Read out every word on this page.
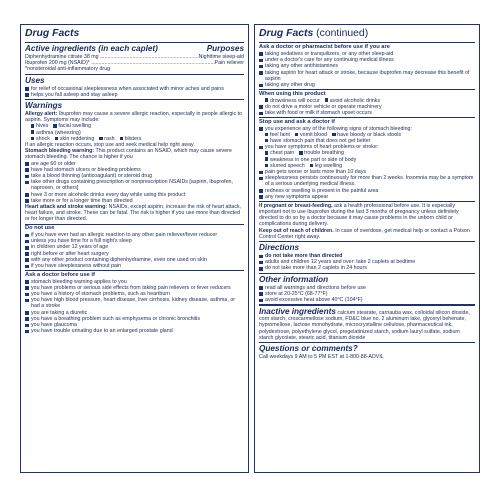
Drug Facts
Active ingredients (in each caplet)	Purposes
Diphenhydramine citrate 38 mg .....	Nighttime sleep-aid
Ibuprofen 200 mg (NSAID)* .....	Pain reliever
*nonsteroidal anti-inflammatory drug
Uses
for relief of occasional sleeplessness when associated with minor aches and pains
helps you fall asleep and stay asleep
Warnings
Allergy alert: Ibuprofen may cause a severe allergic reaction, especially in people allergic to aspirin. Symptoms may include:
hives facial swelling
asthma (wheezing)
shock skin reddening rash blisters
If an allergic reaction occurs, stop use and seek medical help right away.
Stomach bleeding warning: This product contains an NSAID, which may cause severe stomach bleeding. The chance is higher if you
are age 60 or older
have had stomach ulcers or bleeding problems
take a blood thinning (anticoagulant) or steroid drug
take other drugs containing prescription or nonprescription NSAIDs [aspirin, ibuprofen, naproxen, or others]
have 3 or more alcoholic drinks every day while using this product
take more or for a longer time than directed
Heart attack and stroke warning: NSAIDs, except aspirin, increase the risk of heart attack, heart failure, and stroke. These can be fatal. The risk is higher if you use more than directed or for longer than directed.
Do not use
if you have ever had an allergic reaction to any other pain reliever/fever reducer
unless you have time for a full night's sleep
in children under 12 years of age
right before or after heart surgery
with any other product containing diphenhydramine, even one used on skin
if you have sleeplessness without pain
Ask a doctor before use if
stomach bleeding warning applies to you
you have problems or serious side effects from taking pain relievers or fever reducers
you have a history of stomach problems, such as heartburn
you have high blood pressure, heart disease, liver cirrhosis, kidney disease, asthma, or had a stroke
you are taking a diuretic
you have a breathing problem such as emphysema or chronic bronchitis
you have glaucoma
you have trouble urinating due to an enlarged prostate gland
Drug Facts (continued)
Ask a doctor or pharmacist before use if you are
taking sedatives or tranquilizers, or any other sleep-aid
under a doctor's care for any continuing medical illness
taking any other antihistamines
taking aspirin for heart attack or stroke, because ibuprofen may decrease this benefit of aspirin
taking any other drug
When using this product
drowsiness will occur avoid alcoholic drinks
do not drive a motor vehicle or operate machinery
take with food or milk if stomach upset occurs
Stop use and ask a doctor if
you experience any of the following signs of stomach bleeding:
feel faint vomit blood have bloody or black stools
have stomach pain that does not get better
you have symptoms of heart problems or stroke:
chest pain trouble breathing
weakness in one part or side of body
slurred speech leg swelling
pain gets worse or lasts more than 10 days
sleeplessness persists continuously for more than 2 weeks. Insomnia may be a symptom of a serious underlying medical illness.
redness or swelling is present in the painful area
any new symptoms appear
If pregnant or breast-feeding, ask a health professional before use. It is especially important not to use ibuprofen during the last 3 months of pregnancy unless definitely directed to do so by a doctor because it may cause problems in the unborn child or complications during delivery.
Keep out of reach of children. In case of overdose, get medical help or contact a Poison Control Center right away.
Directions
do not take more than directed
adults and children 12 years and over: take 2 caplets at bedtime
do not take more than 2 caplets in 24 hours
Other information
read all warnings and directions before use
store at 20-25°C (68-77°F)
avoid excessive heat above 40°C (104°F)
Inactive ingredients calcium stearate, carnauba wax, colloidal silicon dioxide, corn starch, croscarmellose sodium, FD&C blue no. 2 aluminum lake, glyceryl behenate, hypromellose, lactose monohydrate, microcrystalline cellulose, pharmaceutical ink, polydextrose, polyethylene glycol, pregelatinized starch, sodium lauryl sulfate, sodium starch glycolate, stearic acid, titanium dioxide
Questions or comments?
Call weekdays 9 AM to 5 PM EST at 1-800-88-ADVIL
